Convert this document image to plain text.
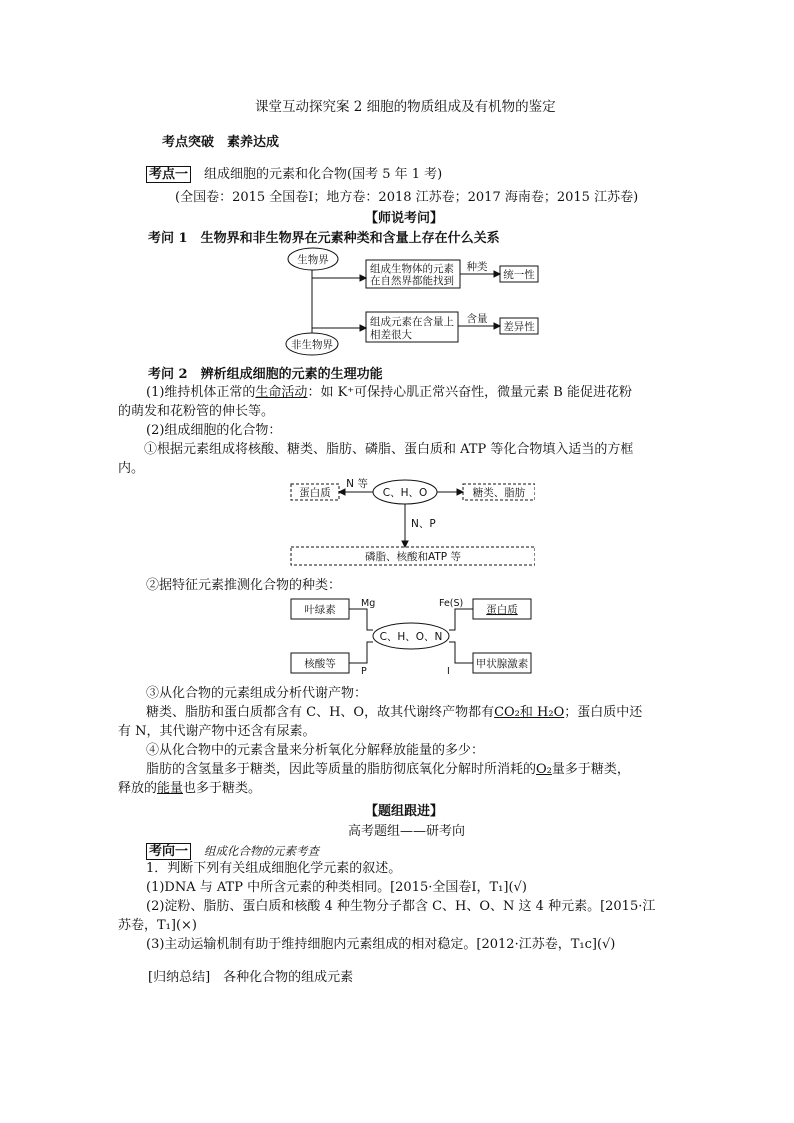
课堂互动探究案 2 细胞的物质组成及有机物的鉴定
考点突破　素养达成
考点一　 组成细胞的元素和化合物(国考 5 年 1 考)
(全国卷：2015 全国卷Ⅰ；地方卷：2018 江苏卷；2017 海南卷；2015 江苏卷)
【师说考问】
考问 1　生物界和非生物界在元素种类和含量上存在什么关系
生物界
非生物界
组成生物体的元素
在自然界都能找到
组成元素在含量上
相差很大
种类
含量
统一性
差异性
考问 2　辨析组成细胞的元素的生理功能
(1)维持机体正常的生命活动：如 K⁺可保持心肌正常兴奋性，微量元素 B 能促进花粉
的萌发和花粉管的伸长等。
(2)组成细胞的化合物：
  ①根据元素组成将核酸、糖类、脂肪、磷脂、蛋白质和 ATP 等化合物填入适当的方框
内。
C、H、O
蛋白质
N 等
糖类、脂肪
N、P
磷脂、核酸和ATP 等
②据特征元素推测化合物的种类：
叶绿素	蛋白质
核酸等	甲状腺激素
C、H、O、N
Mg	Fe(S)
P	I
③从化合物的元素组成分析代谢产物：
糖类、脂肪和蛋白质都含有 C、H、O，故其代谢终产物都有CO₂和 H₂O；蛋白质中还
有 N，其代谢产物中还含有尿素。
④从化合物中的元素含量来分析氧化分解释放能量的多少：
脂肪的含氢量多于糖类，因此等质量的脂肪彻底氧化分解时所消耗的O₂量多于糖类，
释放的能量也多于糖类。
【题组跟进】
高考题组——研考向
考向一　 组成化合物的元素考查
1．判断下列有关组成细胞化学元素的叙述。
(1)DNA 与 ATP 中所含元素的种类相同。[2015·全国卷Ⅰ，T₁](√)
(2)淀粉、脂肪、蛋白质和核酸 4 种生物分子都含 C、H、O、N 这 4 种元素。[2015·江
苏卷，T₁](×)
(3)主动运输机制有助于维持细胞内元素组成的相对稳定。[2012·江苏卷，T₁c](√)
[归纳总结]　各种化合物的组成元素
